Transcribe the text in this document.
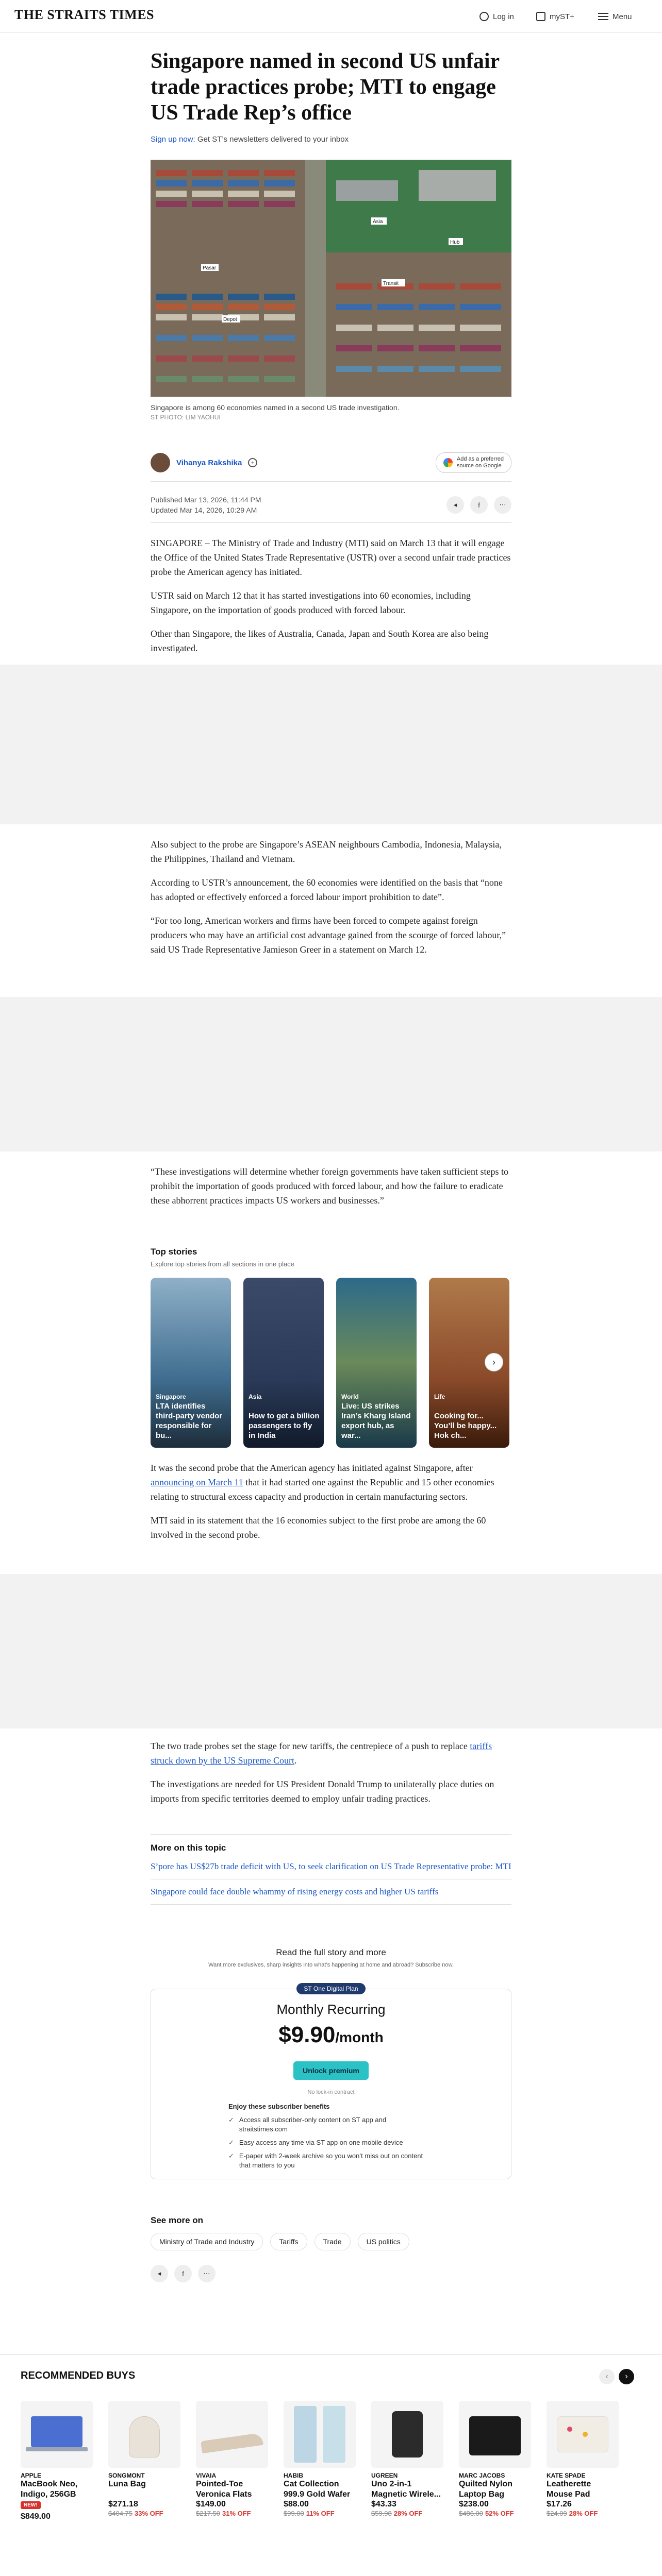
THE STRAITS TIMES	Log in	myST+	Menu
Singapore named in second US unfair trade practices probe; MTI to engage US Trade Rep’s office
Sign up now: Get ST’s newsletters delivered to your inbox
Pasar
Asia
Hub
Depot
Transit
Singapore is among 60 economies named in a second US trade investigation.
ST PHOTO: LIM YAOHUI
Vihanya Rakshika	+	Add as a preferred
source on Google
Published Mar 13, 2026, 11:44 PM
Updated Mar 14, 2026, 10:29 AM
◂	f	⋯

SINGAPORE – The Ministry of Trade and Industry (MTI) said on March 13 that it will engage the Office of the United States Trade Representative (USTR) over a second unfair trade practices probe the American agency has initiated.

USTR said on March 12 that it has started investigations into 60 economies, including Singapore, on the importation of goods produced with forced labour.

Other than Singapore, the likes of Australia, Canada, Japan and South Korea are also being investigated.

Also subject to the probe are Singapore’s ASEAN neighbours Cambodia, Indonesia, Malaysia, the Philippines, Thailand and Vietnam.

According to USTR’s announcement, the 60 economies were identified on the basis that “none has adopted or effectively enforced a forced labour import prohibition to date”.

“For too long, American workers and firms have been forced to compete against foreign producers who may have an artificial cost advantage gained from the scourge of forced labour,” said US Trade Representative Jamieson Greer in a statement on March 12.

“These investigations will determine whether foreign governments have taken sufficient steps to prohibit the importation of goods produced with forced labour, and how the failure to eradicate these abhorrent practices impacts US workers and businesses.”

Top stories
Explore top stories from all sections in one place
Singapore
LTA identifies third-party vendor responsible for bu...
Asia
How to get a billion passengers to fly in India
World
Live: US strikes Iran’s Kharg Island export hub, as war...
Life
Cooking for... You’ll be happy... Hok ch...
›

It was the second probe that the American agency has initiated against Singapore, after announcing on March 11 that it had started one against the Republic and 15 other economies relating to structural excess capacity and production in certain manufacturing sectors.

MTI said in its statement that the 16 economies subject to the first probe are among the 60 involved in the second probe.

The two trade probes set the stage for new tariffs, the centrepiece of a push to replace tariffs struck down by the US Supreme Court.

The investigations are needed for US President Donald Trump to unilaterally place duties on imports from specific territories deemed to employ unfair trading practices.

More on this topic
S’pore has US$27b trade deficit with US, to seek clarification on US Trade Representative probe: MTI
Singapore could face double whammy of rising energy costs and higher US tariffs
Read the full story and more
Want more exclusives, sharp insights into what’s happening at home and abroad? Subscribe now.
ST One Digital Plan
Monthly Recurring
$9.90/month
Unlock premium
No lock-in contract
Enjoy these subscriber benefits
✓ Access all subscriber-only content on ST app and straitstimes.com
✓ Easy access any time via ST app on one mobile device
✓ E-paper with 2-week archive so you won’t miss out on content that matters to you
See more on
Ministry of Trade and Industry	Tariffs	Trade	US politics
◂	f	⋯
RECOMMENDED BUYS	‹	›
APPLE
MacBook Neo, Indigo, 256GB
NEW!
$849.00
SONGMONT
Luna Bag
$271.18
$404.75 33% OFF
VIVAIA
Pointed-Toe Veronica Flats
$149.00
$217.50 31% OFF
HABIB
Cat Collection 999.9 Gold Wafer
$88.00
$99.00 11% OFF
UGREEN
Uno 2-in-1 Magnetic Wirele...
$43.33
$59.98 28% OFF
MARC JACOBS
Quilted Nylon Laptop Bag
$238.00
$486.00 52% OFF
KATE SPADE
Leatherette Mouse Pad
$17.26
$24.09 28% OFF
